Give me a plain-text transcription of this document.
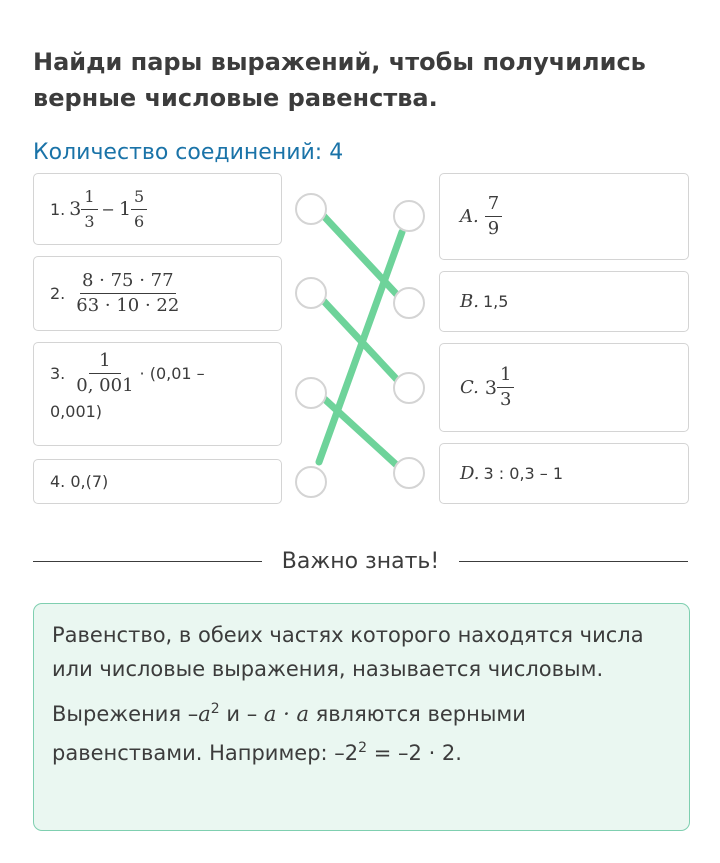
Найди пары выражений, чтобы получились верные числовые равенства.
Количество соединений: 4
1. $3 \frac{1}{3} - 1 \frac{5}{6}$
2. $\frac{8 \cdot 75 \cdot 77}{63 \cdot 10 \cdot 22}$
3. $\frac{1}{0, 001} \cdot (0,01$ –
0,001)
4. 0,(7)
A. $\frac{7}{9}$
B. 1,5
C. $3 \frac{1}{3}$
D. 3 : 0,3 – 1
Важно знать!

Равенство, в обеих частях которого находятся числа или числовые выражения, называется числовым.

Вырежения $-a^2$ и – a · a являются верными равенствами. Например: $-2^2 = -2 \cdot 2$.
